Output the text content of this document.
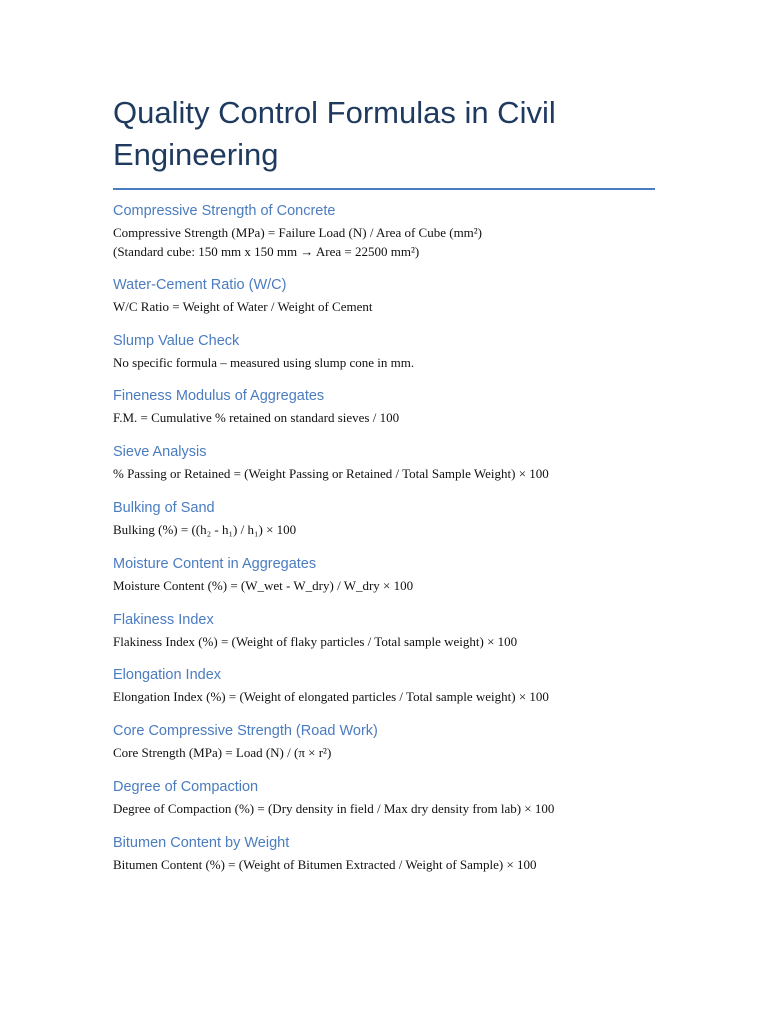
Quality Control Formulas in Civil Engineering
Compressive Strength of Concrete
Compressive Strength (MPa) = Failure Load (N) / Area of Cube (mm²)
(Standard cube: 150 mm x 150 mm → Area = 22500 mm²)
Water-Cement Ratio (W/C)
W/C Ratio = Weight of Water / Weight of Cement
Slump Value Check
No specific formula – measured using slump cone in mm.
Fineness Modulus of Aggregates
F.M. = Cumulative % retained on standard sieves / 100
Sieve Analysis
% Passing or Retained = (Weight Passing or Retained / Total Sample Weight) × 100
Bulking of Sand
Bulking (%) = ((h₂ - h₁) / h₁) × 100
Moisture Content in Aggregates
Moisture Content (%) = (W_wet - W_dry) / W_dry × 100
Flakiness Index
Flakiness Index (%) = (Weight of flaky particles / Total sample weight) × 100
Elongation Index
Elongation Index (%) = (Weight of elongated particles / Total sample weight) × 100
Core Compressive Strength (Road Work)
Core Strength (MPa) = Load (N) / (π × r²)
Degree of Compaction
Degree of Compaction (%) = (Dry density in field / Max dry density from lab) × 100
Bitumen Content by Weight
Bitumen Content (%) = (Weight of Bitumen Extracted / Weight of Sample) × 100
